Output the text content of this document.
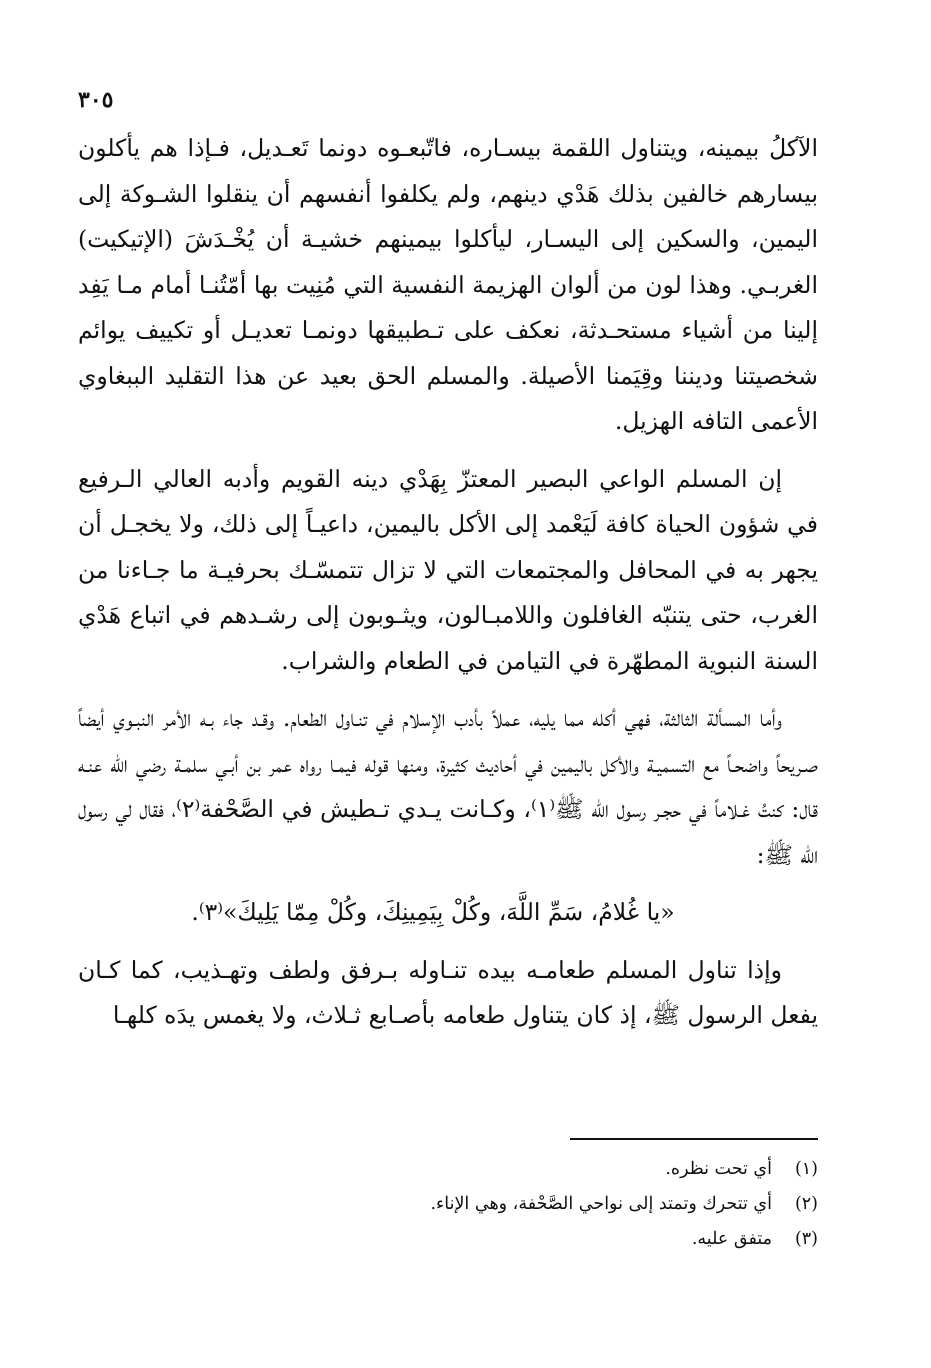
٣٠٥

الآكلُ بيمينه، ويتناول اللقمة بيسـاره، فاتّبعـوه دونما تَعـديل، فـإذا هم يأكلون بيسارهم خالفين بذلك هَدْي دينهم، ولم يكلفوا أنفسهم أن ينقلوا الشـوكة إلى اليمين، والسكين إلى اليسـار، ليأكلوا بيمينهم خشيـة أن يُخْـدَشَ (الإتيكيت) الغربـي. وهذا لون من ألوان الهزيمة النفسية التي مُنِيت بها أمّتُنـا أمام مـا يَفِد إلينا من أشياء مستحـدثة، نعكف على تـطبيقها دونمـا تعديـل أو تكييف يوائم شخصيتنا وديننا وقِيَمنا الأصيلة. والمسلم الحق بعيد عن هذا التقليد الببغاوي الأعمى التافه الهزيل.

إن المسلم الواعي البصير المعتزّ بِهَدْي دينه القويم وأدبه العالي الـرفيع في شؤون الحياة كافة لَيَعْمد إلى الأكل باليمين، داعيـاً إلى ذلك، ولا يخجـل أن يجهر به في المحافل والمجتمعات التي لا تزال تتمسّـك بحرفيـة ما جـاءنا من الغرب، حتى يتنبّه الغافلون واللامبـالون، ويثـوبون إلى رشـدهم في اتباع هَدْي السنة النبوية المطهّرة في التيامن في الطعام والشراب.

وأما المسألة الثالثة، فهي أكله مما يليه، عملاً بأدب الإسلام في تنـاول الطعام. وقـد جاء بـه الأمر النبـوي أيضاً صـريحاً واضحـاً مع التسميـة والأكل باليمين في أحاديث كثيرة، ومنها قوله فيمـا رواه عمر بن أبـي سلمـة رضي الله عنـه قال: كنتُ غـلاماً في حجـر رسول الله ﷺ⁽١⁾، وكـانت يـدي تـطيش في الصَّحْفة⁽٢⁾، فقال لي رسول الله ﷺ:

«يا غُلامُ، سَمِّ اللَّهَ، وكُلْ بِيَمِينِكَ، وكُلْ مِمّا يَلِيكَ»⁽٣⁾.

وإذا تناول المسلم طعامـه بيده تنـاوله بـرفق ولطف وتهـذيب، كما كـان يفعل الرسول ﷺ، إذ كان يتناول طعامه بأصـابع ثـلاث، ولا يغمس يدَه كلهـا

(١)
أي تحت نظره.
(٢)
أي تتحرك وتمتد إلى نواحي الصَّحْفة، وهي الإناء.
(٣)
متفق عليه.
